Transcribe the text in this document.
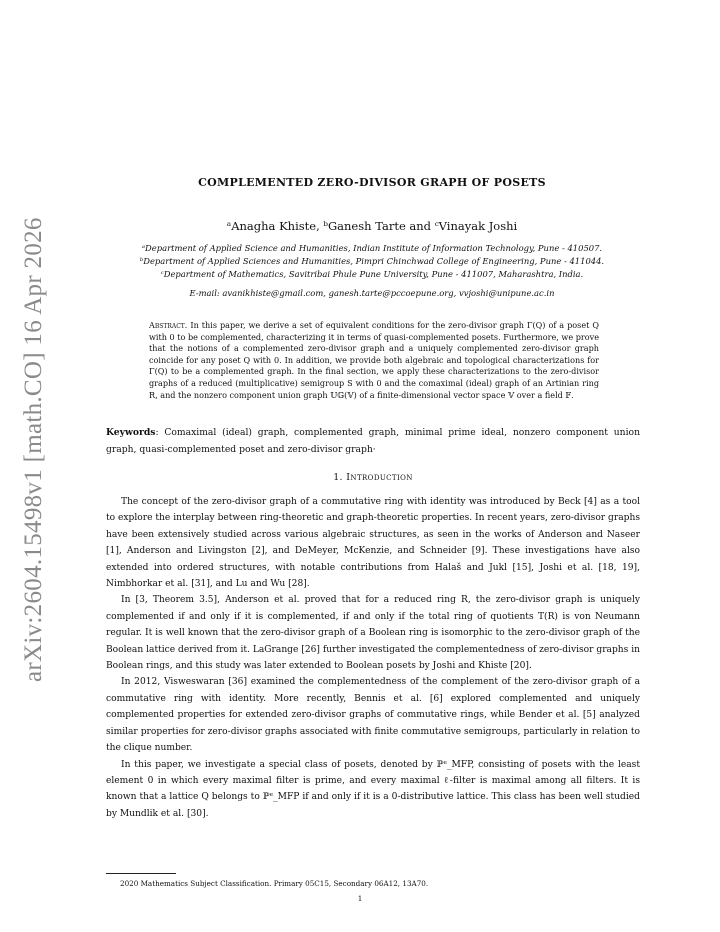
arXiv:2604.15498v1 [math.CO] 16 Apr 2026
COMPLEMENTED ZERO-DIVISOR GRAPH OF POSETS
ᵃAnagha Khiste, ᵇGanesh Tarte and ᶜVinayak Joshi
ᵃDepartment of Applied Science and Humanities, Indian Institute of Information Technology, Pune - 410507.
ᵇDepartment of Applied Sciences and Humanities, Pimpri Chinchwad College of Engineering, Pune - 411044.
ᶜDepartment of Mathematics, Savitribai Phule Pune University, Pune - 411007, Maharashtra, India.
E-mail: avanikhiste@gmail.com, ganesh.tarte@pccoepune.org, vvjoshi@unipune.ac.in
Abstract. In this paper, we derive a set of equivalent conditions for the zero-divisor graph Γ(Q) of a poset Q with 0 to be complemented, characterizing it in terms of quasi-complemented posets. Furthermore, we prove that the notions of a complemented zero-divisor graph and a uniquely complemented zero-divisor graph coincide for any poset Q with 0. In addition, we provide both algebraic and topological characterizations for Γ(Q) to be a complemented graph. In the final section, we apply these characterizations to the zero-divisor graphs of a reduced (multiplicative) semigroup S with 0 and the comaximal (ideal) graph of an Artinian ring R, and the nonzero component union graph 𝕌𝔾(𝕍) of a finite-dimensional vector space 𝕍 over a field 𝔽.
Keywords: Comaximal (ideal) graph, complemented graph, minimal prime ideal, nonzero component union graph, quasi-complemented poset and zero-divisor graph·
1. Introduction

The concept of the zero-divisor graph of a commutative ring with identity was introduced by Beck [4] as a tool to explore the interplay between ring-theoretic and graph-theoretic properties. In recent years, zero-divisor graphs have been extensively studied across various algebraic structures, as seen in the works of Anderson and Naseer [1], Anderson and Livingston [2], and DeMeyer, McKenzie, and Schneider [9]. These investigations have also extended into ordered structures, with notable contributions from Halaš and Jukl [15], Joshi et al. [18, 19], Nimbhorkar et al. [31], and Lu and Wu [28].

In [3, Theorem 3.5], Anderson et al. proved that for a reduced ring R, the zero-divisor graph is uniquely complemented if and only if it is complemented, if and only if the total ring of quotients T(R) is von Neumann regular. It is well known that the zero-divisor graph of a Boolean ring is isomorphic to the zero-divisor graph of the Boolean lattice derived from it. LaGrange [26] further investigated the complementedness of zero-divisor graphs in Boolean rings, and this study was later extended to Boolean posets by Joshi and Khiste [20].

In 2012, Visweswaran [36] examined the complementedness of the complement of the zero-divisor graph of a commutative ring with identity. More recently, Bennis et al. [6] explored complemented and uniquely complemented properties for extended zero-divisor graphs of commutative rings, while Bender et al. [5] analyzed similar properties for zero-divisor graphs associated with finite commutative semigroups, particularly in relation to the clique number.

In this paper, we investigate a special class of posets, denoted by ℙᵉ_MFP, consisting of posets with the least element 0 in which every maximal filter is prime, and every maximal ℓ-filter is maximal among all filters. It is known that a lattice Q belongs to ℙᵉ_MFP if and only if it is a 0-distributive lattice. This class has been well studied by Mundlik et al. [30].

2020 Mathematics Subject Classification. Primary 05C15, Secondary 06A12, 13A70.
1
